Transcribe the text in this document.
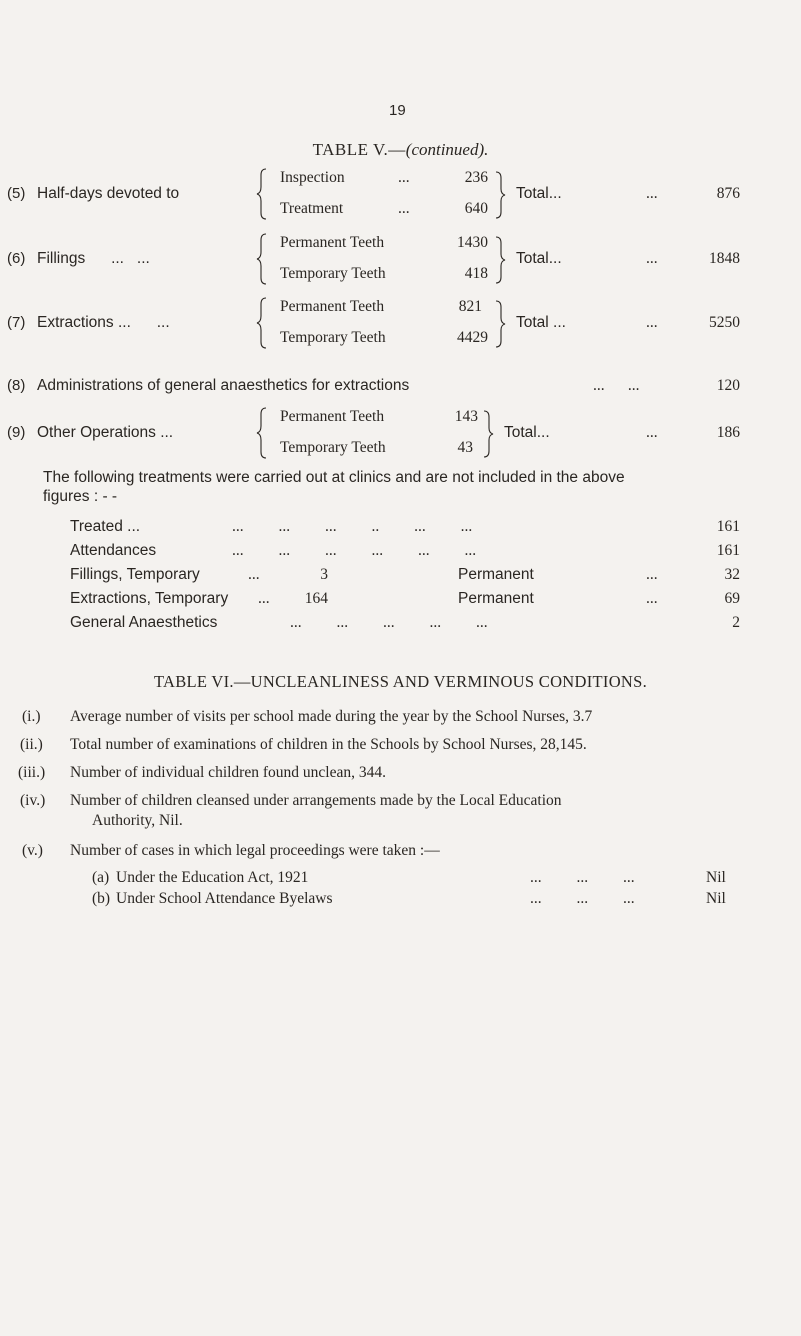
19
TABLE V.—(continued).
(5) Half-days devoted to
Inspection	...	236
Treatment	...	640
Total...	...	876
(6) Fillings      ...   ...
Permanent Teeth	1430
Temporary Teeth	418
Total...	...	1848
(7) Extractions ...      ...
Permanent Teeth	821
Temporary Teeth	4429
Total ...	...	5250
(8) Administrations of general anaesthetics for extractions	...      ...	120
(9) Other Operations ...
Permanent Teeth	143
Temporary Teeth	43
Total...	...	186
The following treatments were carried out at clinics and are not included in the above
figures : - -
Treated ...	...         ...         ...         ..         ...         ...	161
Attendances	...         ...         ...         ...         ...         ...	161
Fillings, Temporary	...	3	Permanent	...	32
Extractions, Temporary ...	164	Permanent	...	69
General Anaesthetics	...         ...         ...         ...         ...	2
TABLE VI.—UNCLEANLINESS AND VERMINOUS CONDITIONS.
(i.) Average number of visits per school made during the year by the School Nurses, 3.7
(ii.) Total number of examinations of children in the Schools by School Nurses, 28,145.
(iii.) Number of individual children found unclean, 344.
(iv.) Number of children cleansed under arrangements made by the Local Education
Authority, Nil.
(v.) Number of cases in which legal proceedings were taken :—
(a) Under the Education Act, 1921	...         ...         ...	Nil
(b) Under School Attendance Byelaws	...         ...         ...	Nil
